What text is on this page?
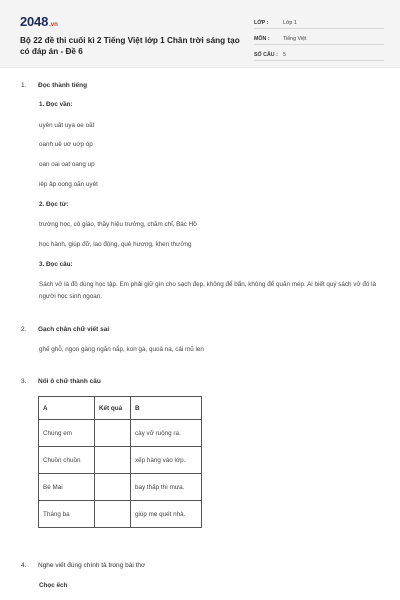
2048 .vn
Bộ 22 đề thi cuối kì 2 Tiếng Việt lớp 1 Chân trời sáng tạo có đáp án - Đề 6
LỚP :	Lớp 1
MÔN :	Tiếng Việt
SỐ CÂU : 5
1. Đọc thành tiếng
1. Đọc vần:
uyên uât uya oe oăt
oanh uê uơ uơp óp
oan oai oat oang up
iêp âp oong oăn uyêt
2. Đọc từ:
trường học, cô giáo, thầy hiệu trưởng, chăm chỉ, Bác Hồ
học hành, giúp đỡ, lao động, quê hương, khen thưởng
3. Đọc câu:
Sách vở là đồ dùng học tập. Em phải giữ gìn cho sạch đẹp, không để bẩn, không để quăn mép. Ai biết quý sách vở đó là người học sinh ngoan.
2. Gạch chân chữ viết sai
ghế ghỗ, ngọn gàng ngăn nắp, kon gà, quoả na, cái mũ len
3. Nối ô chữ thành câu
A	Kết quả	B
Chúng em		cày vỡ ruộng ra.
Chuồn chuồn		xếp hàng vào lớp.
Bé Mai		bay thấp thì mưa.
Tháng ba		giúp mẹ quét nhà.
4. Nghe viết đúng chính tả trong bài thơ
Chọc ếch
